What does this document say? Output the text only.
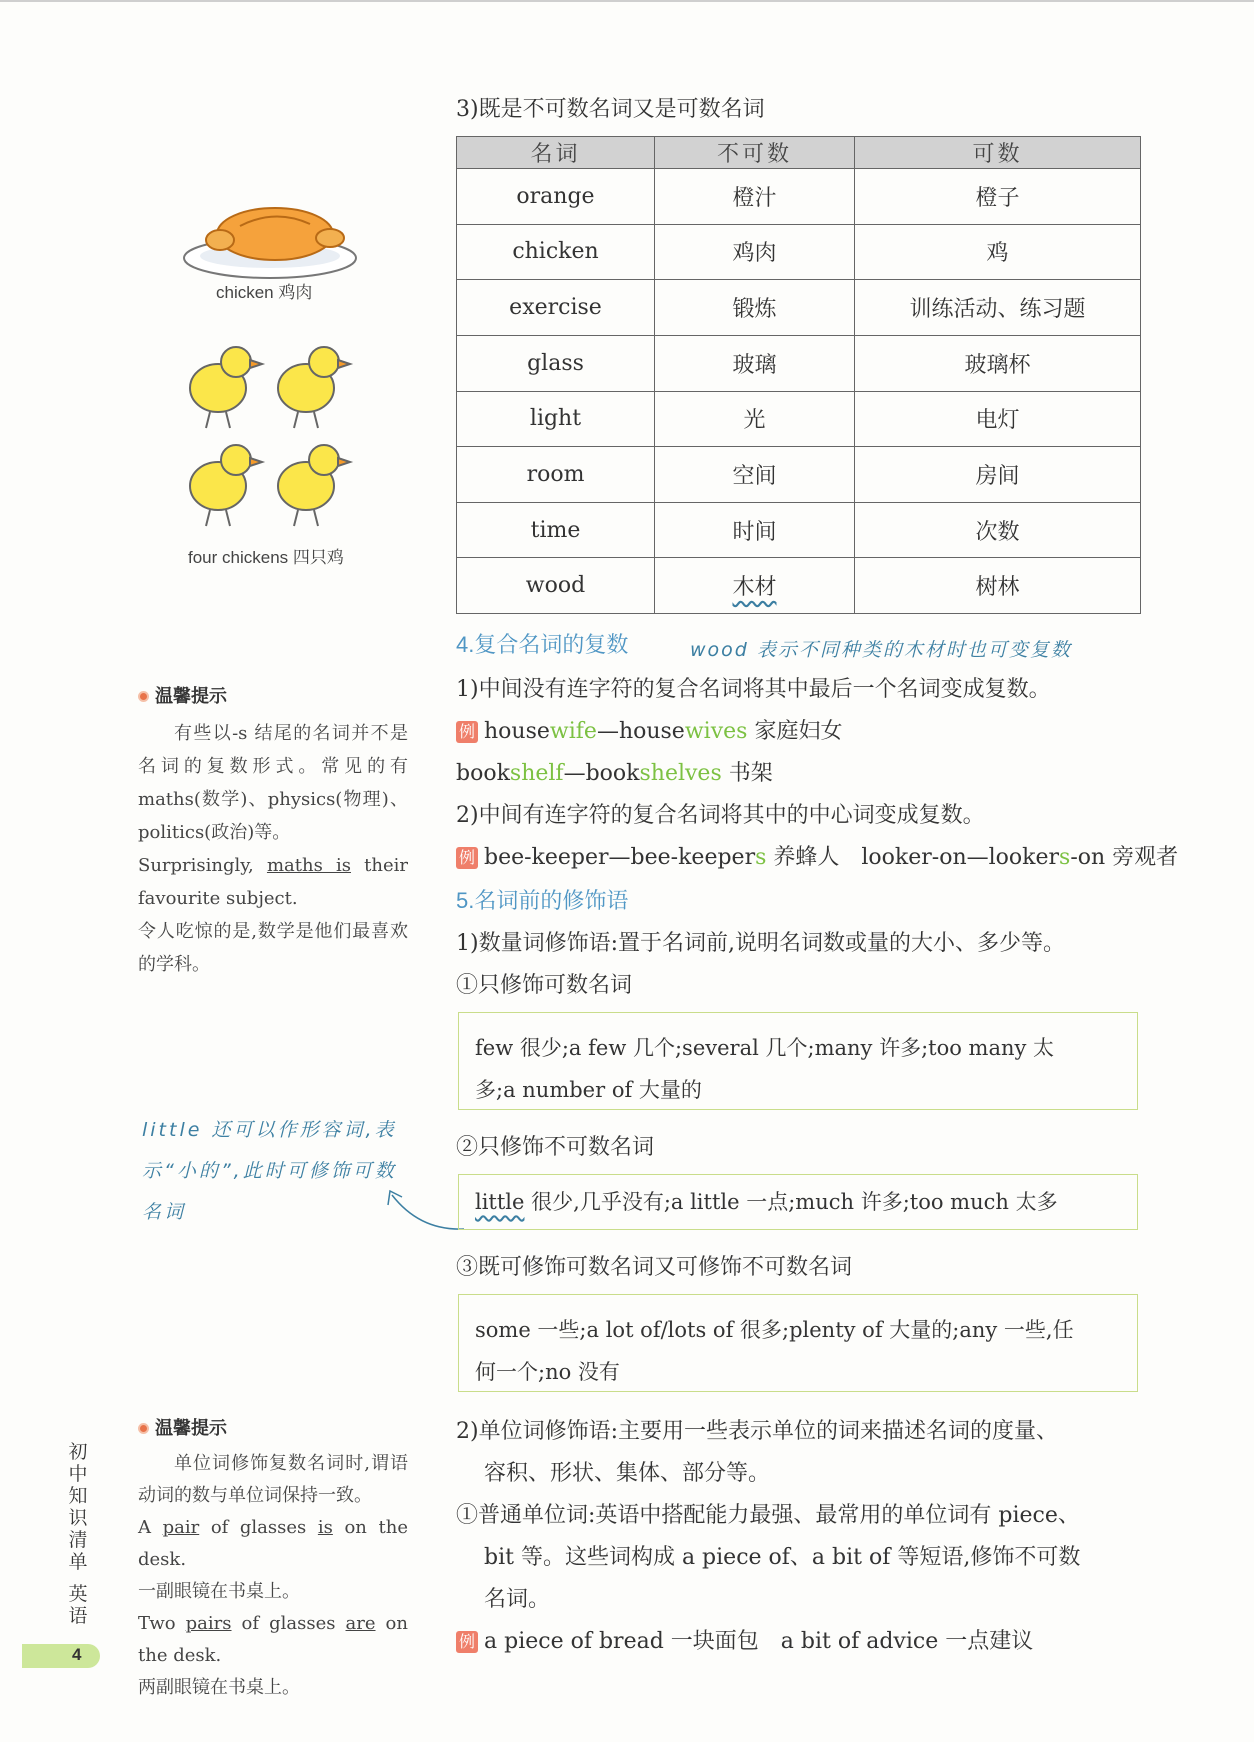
chicken 鸡肉
four chickens 四只鸡
温馨提示

有些以-s 结尾的名词并不是名词的复数形式。常见的有 maths(数学)、physics(物理)、politics(政治)等。

Surprisingly, maths is their favourite subject.

令人吃惊的是,数学是他们最喜欢的学科。

little 还可以作形容词,表示“小的”,此时可修饰可数名词
温馨提示

单位词修饰复数名词时,谓语动词的数与单位词保持一致。

A pair of glasses is on the desk.

一副眼镜在书桌上。

Two pairs of glasses are on the desk.

两副眼镜在书桌上。

初
中
知
识
清
单
英
语
4
3)既是不可数名词又是可数名词
名词	不可数	可数
orange	橙汁	橙子
chicken	鸡肉	鸡
exercise	锻炼	训练活动、练习题
glass	玻璃	玻璃杯
light	光	电灯
room	空间	房间
time	时间	次数
wood	木材	树林
4.复合名词的复数	wood 表示不同种类的木材时也可变复数
1)中间没有连字符的复合名词将其中最后一个名词变成复数。
例 housewife—housewives 家庭妇女
bookshelf—bookshelves 书架
2)中间有连字符的复合名词将其中的中心词变成复数。
例 bee-keeper—bee-keepers 养蜂人　looker-on—lookers-on 旁观者
5.名词前的修饰语
1)数量词修饰语:置于名词前,说明名词数或量的大小、多少等。
①只修饰可数名词
few 很少;a few 几个;several 几个;many 许多;too many 太
多;a number of 大量的
②只修饰不可数名词
little 很少,几乎没有;a little 一点;much 许多;too much 太多
③既可修饰可数名词又可修饰不可数名词
some 一些;a lot of/lots of 很多;plenty of 大量的;any 一些,任
何一个;no 没有
2)单位词修饰语:主要用一些表示单位的词来描述名词的度量、
容积、形状、集体、部分等。
①普通单位词:英语中搭配能力最强、最常用的单位词有 piece、
bit 等。这些词构成 a piece of、a bit of 等短语,修饰不可数
名词。
例 a piece of bread 一块面包　a bit of advice 一点建议
